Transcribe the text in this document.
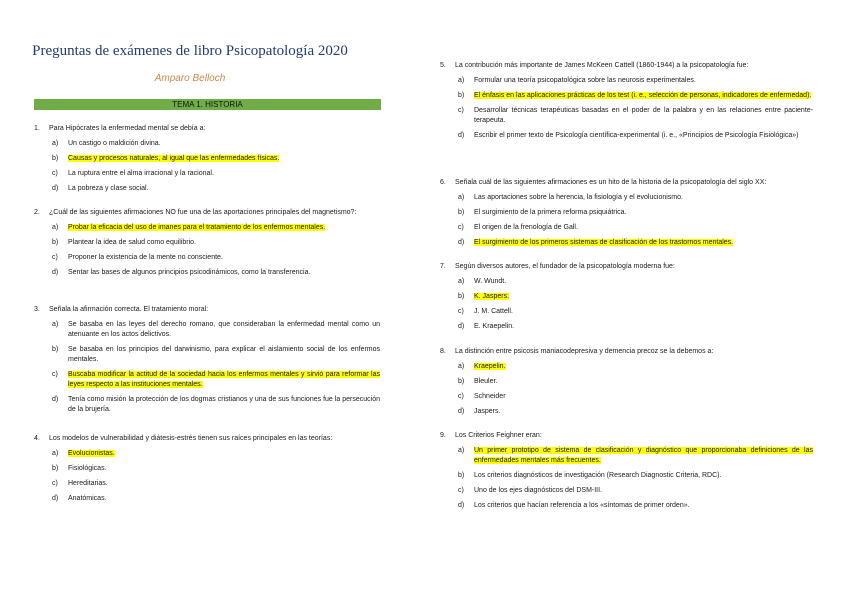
Preguntas de exámenes de libro Psicopatología 2020
Amparo Belloch
TEMA 1. HISTORIA
1.	Para Hipócrates la enfermedad mental se debía a:
a)	Un castigo o maldición divina.
b)	Causas y procesos naturales, al igual que las enfermedades físicas.
c)	La ruptura entre el alma irracional y la racional.
d)	La pobreza y clase social.
2.	¿Cuál de las siguientes afirmaciones NO fue una de las aportaciones principales del magnetismo?:
a)	Probar la eficacia del uso de imanes para el tratamiento de los enfermos mentales.
b)	Plantear la idea de salud como equilibrio.
c)	Proponer la existencia de la mente no consciente.
d)	Sentar las bases de algunos principios psicodinámicos, como la transferencia.
3.	Señala la afirmación correcta. El tratamiento moral:
a)	Se basaba en las leyes del derecho romano, que consideraban la enfermedad mental como un atenuante en los actos delictivos.
b)	Se basaba en los principios del darwinismo, para explicar el aislamiento social de los enfermos mentales.
c)	Buscaba modificar la actitud de la sociedad hacia los enfermos mentales y sirvió para reformar las leyes respecto a las instituciones mentales.
d)	Tenía como misión la protección de los dogmas cristianos y una de sus funciones fue la persecución de la brujería.
4.	Los modelos de vulnerabilidad y diátesis-estrés tienen sus raíces principales en las teorías:
a)	Evolucionistas.
b)	Fisiológicas.
c)	Hereditarias.
d)	Anatómicas.
5.	La contribución más importante de James McKeen Cattell (1860-1944) a la psicopatología fue:
a)	Formular una teoría psicopatológica sobre las neurosis experimentales.
b)	El énfasis en las aplicaciones prácticas de los test (i. e., selección de personas, indicadores de enfermedad).
c)	Desarrollar técnicas terapéuticas basadas en el poder de la palabra y en las relaciones entre paciente-terapeuta.
d)	Escribir el primer texto de Psicología científica-experimental (i. e., «Principios de Psicología Fisiológica»)
6.	Señala cuál de las siguientes afirmaciones es un hito de la historia de la psicopatología del siglo XX:
a)	Las aportaciones sobre la herencia, la fisiología y el evolucionismo.
b)	El surgimiento de la primera reforma psiquiátrica.
c)	El origen de la frenología de Gall.
d)	El surgimiento de los primeros sistemas de clasificación de los trastornos mentales.
7.	Según diversos autores, el fundador de la psicopatología moderna fue:
a)	W. Wundt.
b)	K. Jaspers.
c)	J. M. Cattell.
d)	E. Kraepelin.
8.	La distinción entre psicosis maniacodepresiva y demencia precoz se la debemos a:
a)	Kraepelin.
b)	Bleuler.
c)	Schneider
d)	Jaspers.
9.	Los Criterios Feighner eran:
a)	Un primer prototipo de sistema de clasificación y diagnóstico que proporcionaba definiciones de las enfermedades mentales más frecuentes.
b)	Los criterios diagnósticos de investigación (Research Diagnostic Criteria, RDC).
c)	Uno de los ejes diagnósticos del DSM-III.
d)	Los criterios que hacían referencia a los «síntomas de primer orden».
